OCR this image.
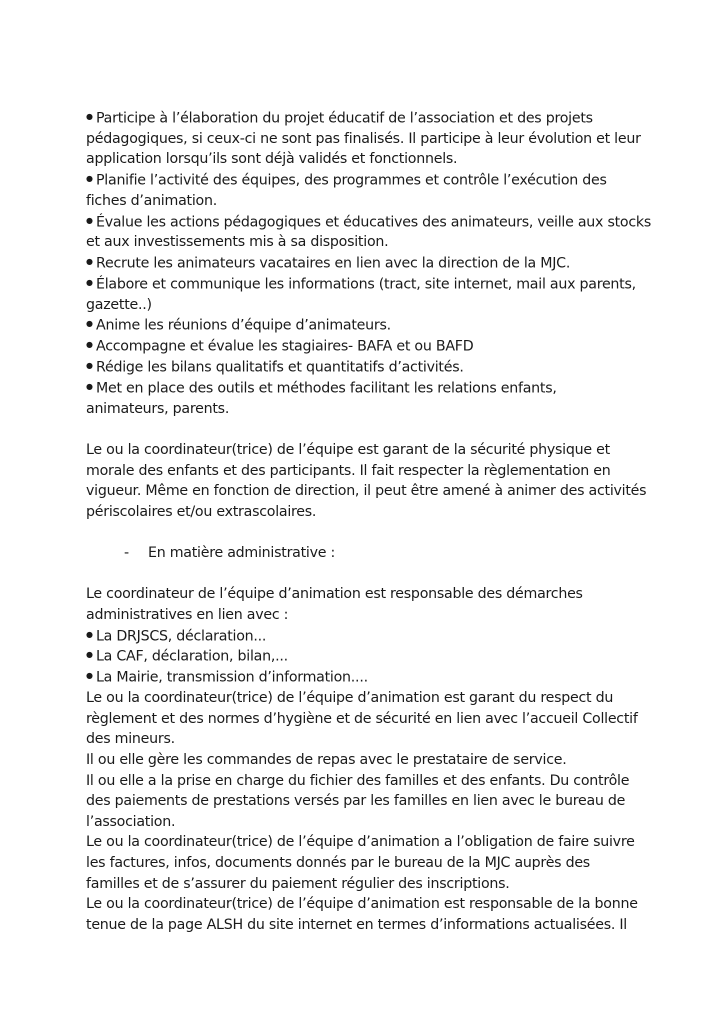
● Participe à l’élaboration du projet éducatif de l’association et des projets
pédagogiques, si ceux-ci ne sont pas finalisés. Il participe à leur évolution et leur
application lorsqu’ils sont déjà validés et fonctionnels.
● Planifie l’activité des équipes, des programmes et contrôle l’exécution des
fiches d’animation.
● Évalue les actions pédagogiques et éducatives des animateurs, veille aux stocks
et aux investissements mis à sa disposition.
● Recrute les animateurs vacataires en lien avec la direction de la MJC.
● Élabore et communique les informations (tract, site internet, mail aux parents,
gazette..)
● Anime les réunions d’équipe d’animateurs.
● Accompagne et évalue les stagiaires- BAFA et ou BAFD
● Rédige les bilans qualitatifs et quantitatifs d’activités.
● Met en place des outils et méthodes facilitant les relations enfants,
animateurs, parents.
Le ou la coordinateur(trice) de l’équipe est garant de la sécurité physique et
morale des enfants et des participants. Il fait respecter la règlementation en
vigueur. Même en fonction de direction, il peut être amené à animer des activités
périscolaires et/ou extrascolaires.
- En matière administrative :
Le coordinateur de l’équipe d’animation est responsable des démarches
administratives en lien avec :
● La DRJSCS, déclaration...
● La CAF, déclaration, bilan,...
● La Mairie, transmission d’information....
Le ou la coordinateur(trice) de l’équipe d’animation est garant du respect du
règlement et des normes d’hygiène et de sécurité en lien avec l’accueil Collectif
des mineurs.
Il ou elle gère les commandes de repas avec le prestataire de service.
Il ou elle a la prise en charge du fichier des familles et des enfants. Du contrôle
des paiements de prestations versés par les familles en lien avec le bureau de
l’association.
Le ou la coordinateur(trice) de l’équipe d’animation a l’obligation de faire suivre
les factures, infos, documents donnés par le bureau de la MJC auprès des
familles et de s’assurer du paiement régulier des inscriptions.
Le ou la coordinateur(trice) de l’équipe d’animation est responsable de la bonne
tenue de la page ALSH du site internet en termes d’informations actualisées. Il
